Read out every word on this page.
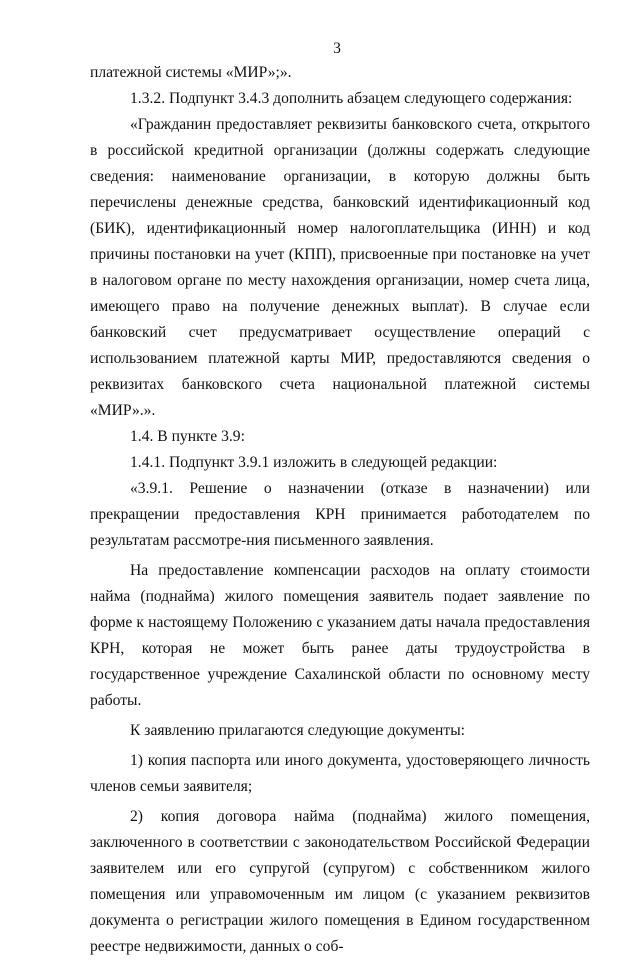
3

платежной системы «МИР»;».

1.3.2. Подпункт 3.4.3 дополнить абзацем следующего содержания:

«Гражданин предоставляет реквизиты банковского счета, открытого в российской кредитной организации (должны содержать следующие сведения: наименование организации, в которую должны быть перечислены денежные средства, банковский идентификационный код (БИК), идентификационный номер налогоплательщика (ИНН) и код причины постановки на учет (КПП), присвоенные при постановке на учет в налоговом органе по месту нахождения организации, номер счета лица, имеющего право на получение денежных выплат). В случае если банковский счет предусматривает осуществление операций с использованием платежной карты МИР, предоставляются сведения о реквизитах банковского счета национальной платежной системы «МИР».».

1.4. В пункте 3.9:

1.4.1. Подпункт 3.9.1 изложить в следующей редакции:

«3.9.1. Решение о назначении (отказе в назначении) или прекращении предоставления КРН принимается работодателем по результатам рассмотре-ния письменного заявления.

На предоставление компенсации расходов на оплату стоимости найма (поднайма) жилого помещения заявитель подает заявление по форме к настоящему Положению с указанием даты начала предоставления КРН, которая не может быть ранее даты трудоустройства в государственное учреждение Сахалинской области по основному месту работы.

К заявлению прилагаются следующие документы:

1) копия паспорта или иного документа, удостоверяющего личность членов семьи заявителя;

2) копия договора найма (поднайма) жилого помещения, заключенного в соответствии с законодательством Российской Федерации заявителем или его супругой (супругом) с собственником жилого помещения или управомоченным им лицом (с указанием реквизитов документа о регистрации жилого помещения в Едином государственном реестре недвижимости, данных о соб-
